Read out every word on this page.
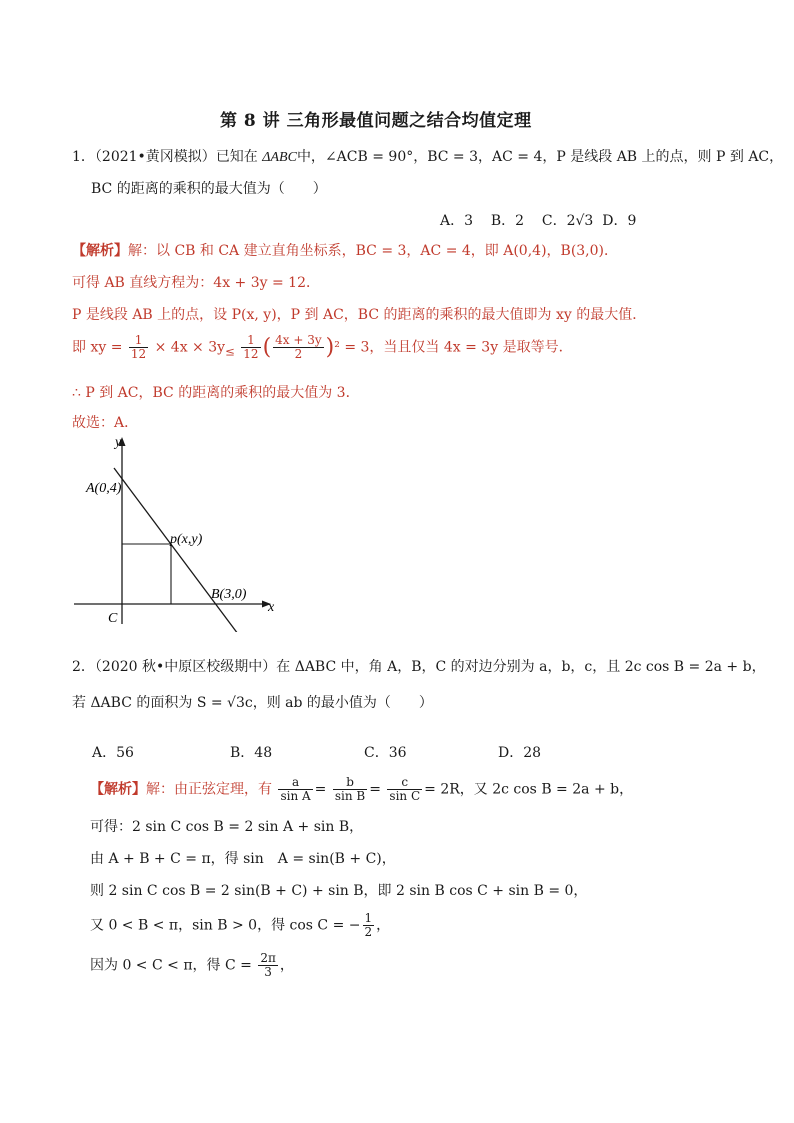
第 8 讲 三角形最值问题之结合均值定理
1．（2021•黄冈模拟）已知在 ΔABC中，∠ACB = 90°，BC = 3，AC = 4，P 是线段 AB 上的点，则 P 到 AC，
BC 的距离的乘积的最大值为（　　）
A．3 B．2 C．2√3 D．9
【解析】解：以 CB 和 CA 建立直角坐标系，BC = 3，AC = 4，即 A(0,4)，B(3,0)．
可得 AB 直线方程为：4x + 3y = 12．
P 是线段 AB 上的点，设 P(x, y)，P 到 AC，BC 的距离的乘积的最大值即为 xy 的最大值．
即 xy = $\frac{1}{12} \times 4x \times 3y_\le \frac{1}{12}$ ( $\frac{4x + 3y}{2} )^2 = 3$，当且仅当 4x = 3y 是取等号．
∴ P 到 AC，BC 的距离的乘积的最大值为 3．
故选：A．
y
x
A(0,4)
p(x,y)
B(3,0)
C
2．（2020 秋•中原区校级期中）在 ΔABC 中，角 A，B，C 的对边分别为 a，b，c，且 2c cos B = 2a + b，
若 ΔABC 的面积为 S = √3c，则 ab 的最小值为（　　）
A．56	B．48	C．36	D．28
【解析】解：由正弦定理，有 $\frac{a}{\text{sin A}} = \frac{b}{\text{sin B}} = \frac{c}{\text{sin C}} = 2R$，又 2c cos B = 2a + b，
可得：2 sin C cos B = 2 sin A + sin B，
由 A + B + C = π，得 sin　A = sin(B + C)，
则 2 sin C cos B = 2 sin(B + C) + sin B，即 2 sin B cos C + sin B = 0，
又 0 < B < π，sin B > 0，得 cos C = − $\frac{1}{2}$ ，
因为 0 < C < π，得 $C = \frac{2\pi}{3}$ ，
